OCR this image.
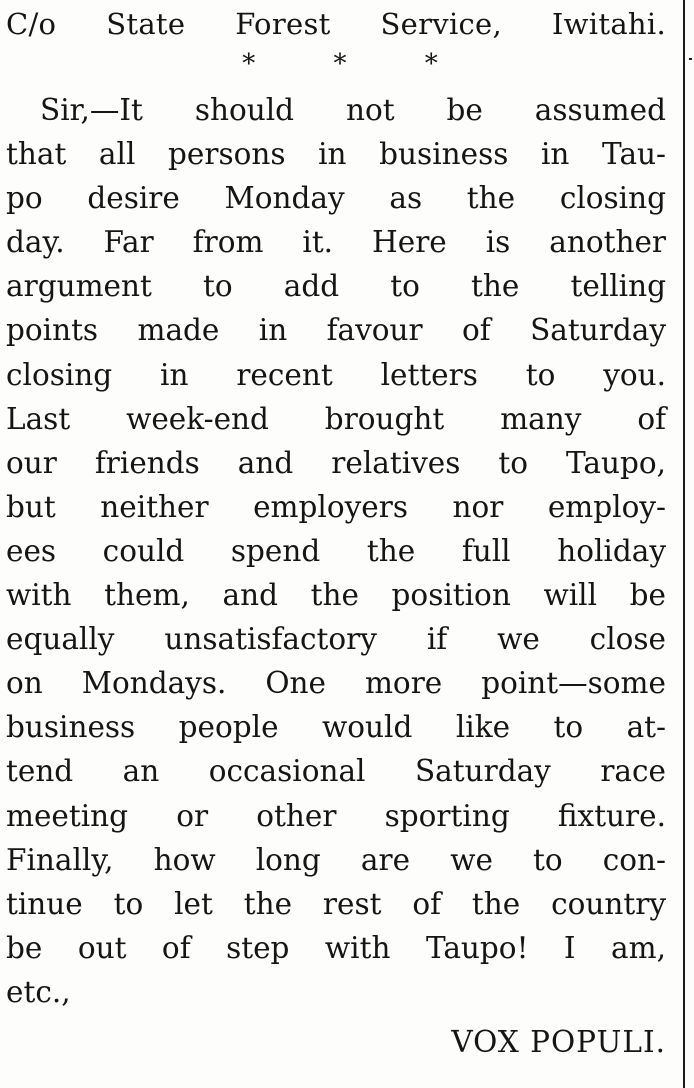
C/o State Forest Service, Iwitahi.
* * *
Sir,—It should not be assumed
that all persons in business in Tau-
po desire Monday as the closing
day. Far from it. Here is another
argument to add to the telling
points made in favour of Saturday
closing in recent letters to you.
Last week-end brought many of
our friends and relatives to Taupo,
but neither employers nor employ-
ees could spend the full holiday
with them, and the position will be
equally unsatisfactory if we close
on Mondays. One more point—some
business people would like to at-
tend an occasional Saturday race
meeting or other sporting fixture.
Finally, how long are we to con-
tinue to let the rest of the country
be out of step with Taupo! I am,
etc.,
VOX POPULI.
